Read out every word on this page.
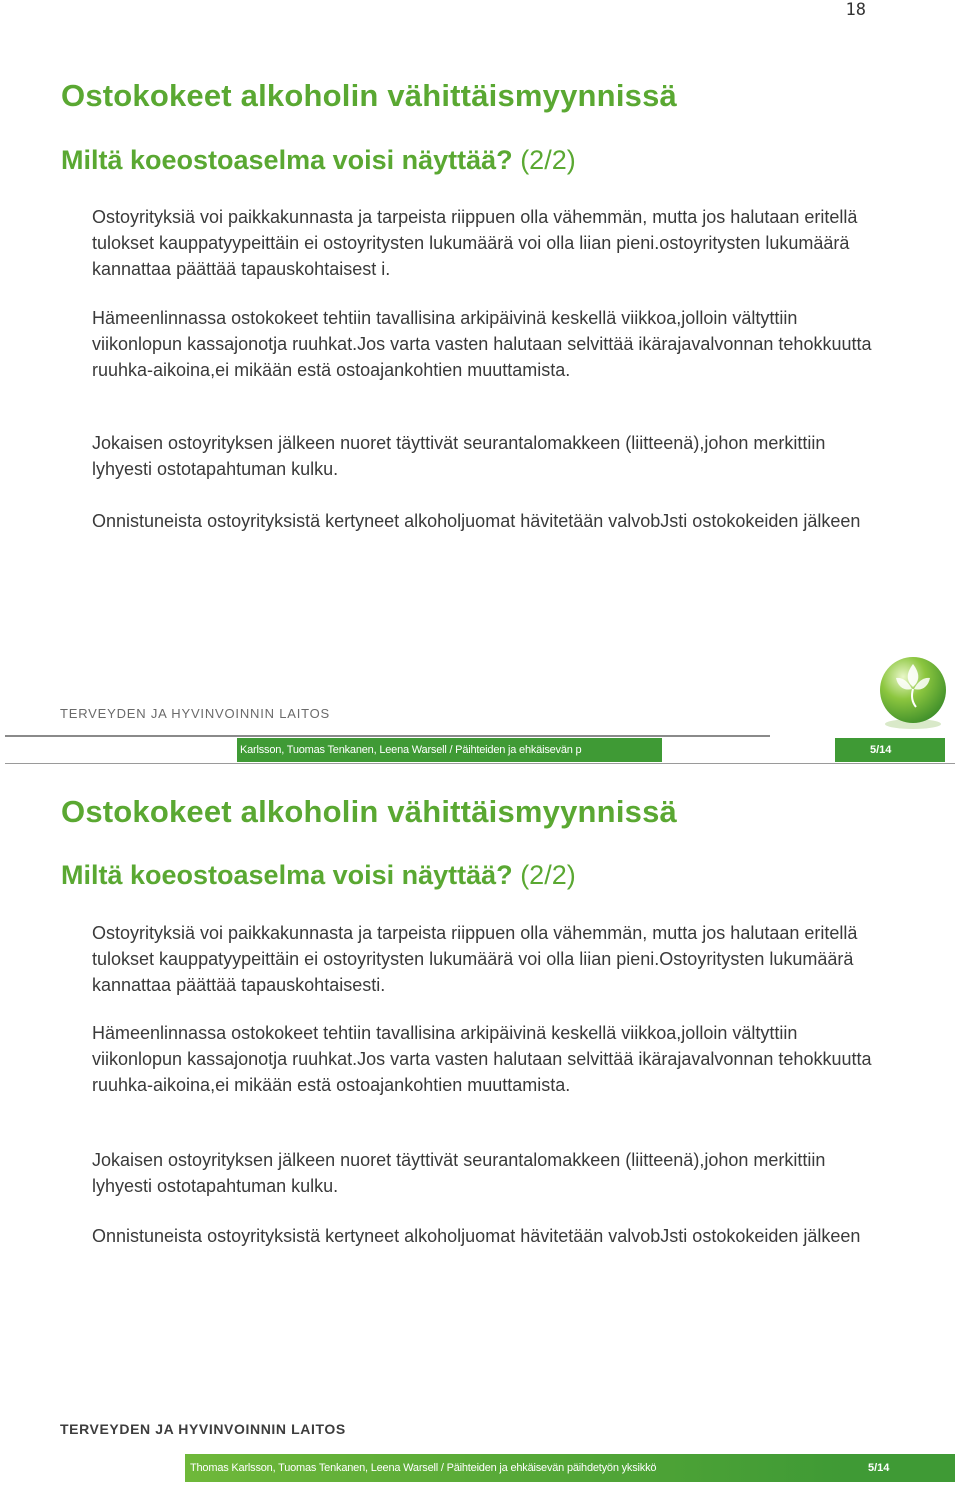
18
Ostokokeet alkoholin vähittäismyynnissä
Miltä koeostoaselma voisi näyttää? (2/2)

Ostoyrityksiä voi paikkakunnasta ja tarpeista riippuen olla vähemmän, mutta jos halutaan eritellä tulokset kauppatyypeittäin ei ostoyritysten lukumäärä voi olla liian pieni.ostoyritysten lukumäärä kannattaa päättää tapauskohtaisest i.

Hämeenlinnassa ostokokeet tehtiin tavallisina arkipäivinä keskellä viikkoa,jolloin vältyttiin viikonlopun kassajonotja ruuhkat.Jos varta vasten halutaan selvittää ikärajavalvonnan tehokkuutta ruuhka-aikoina,ei mikään estä ostoajankohtien muuttamista.

Jokaisen ostoyrityksen jälkeen nuoret täyttivät seurantalomakkeen (liitteenä),johon merkittiin lyhyesti ostotapahtuman kulku.

Onnistuneista ostoyrityksistä kertyneet alkoholjuomat hävitetään valvobJsti ostokokeiden jälkeen

TERVEYDEN JA HYVINVOINNIN LAITOS
Karlsson, Tuomas Tenkanen, Leena Warsell / Päihteiden ja ehkäisevän p	5/14
Ostokokeet alkoholin vähittäismyynnissä
Miltä koeostoaselma voisi näyttää? (2/2)

Ostoyrityksiä voi paikkakunnasta ja tarpeista riippuen olla vähemmän, mutta jos halutaan eritellä tulokset kauppatyypeittäin ei ostoyritysten lukumäärä voi olla liian pieni.Ostoyritysten lukumäärä kannattaa päättää tapauskohtaisesti.

Hämeenlinnassa ostokokeet tehtiin tavallisina arkipäivinä keskellä viikkoa,jolloin vältyttiin viikonlopun kassajonotja ruuhkat.Jos varta vasten halutaan selvittää ikärajavalvonnan tehokkuutta ruuhka-aikoina,ei mikään estä ostoajankohtien muuttamista.

Jokaisen ostoyrityksen jälkeen nuoret täyttivät seurantalomakkeen (liitteenä),johon merkittiin lyhyesti ostotapahtuman kulku.

Onnistuneista ostoyrityksistä kertyneet alkoholjuomat hävitetään valvobJsti ostokokeiden jälkeen

TERVEYDEN JA HYVINVOINNIN LAITOS
Thomas Karlsson, Tuomas Tenkanen, Leena Warsell / Päihteiden ja ehkäisevän päihdetyön yksikkö	5/14
